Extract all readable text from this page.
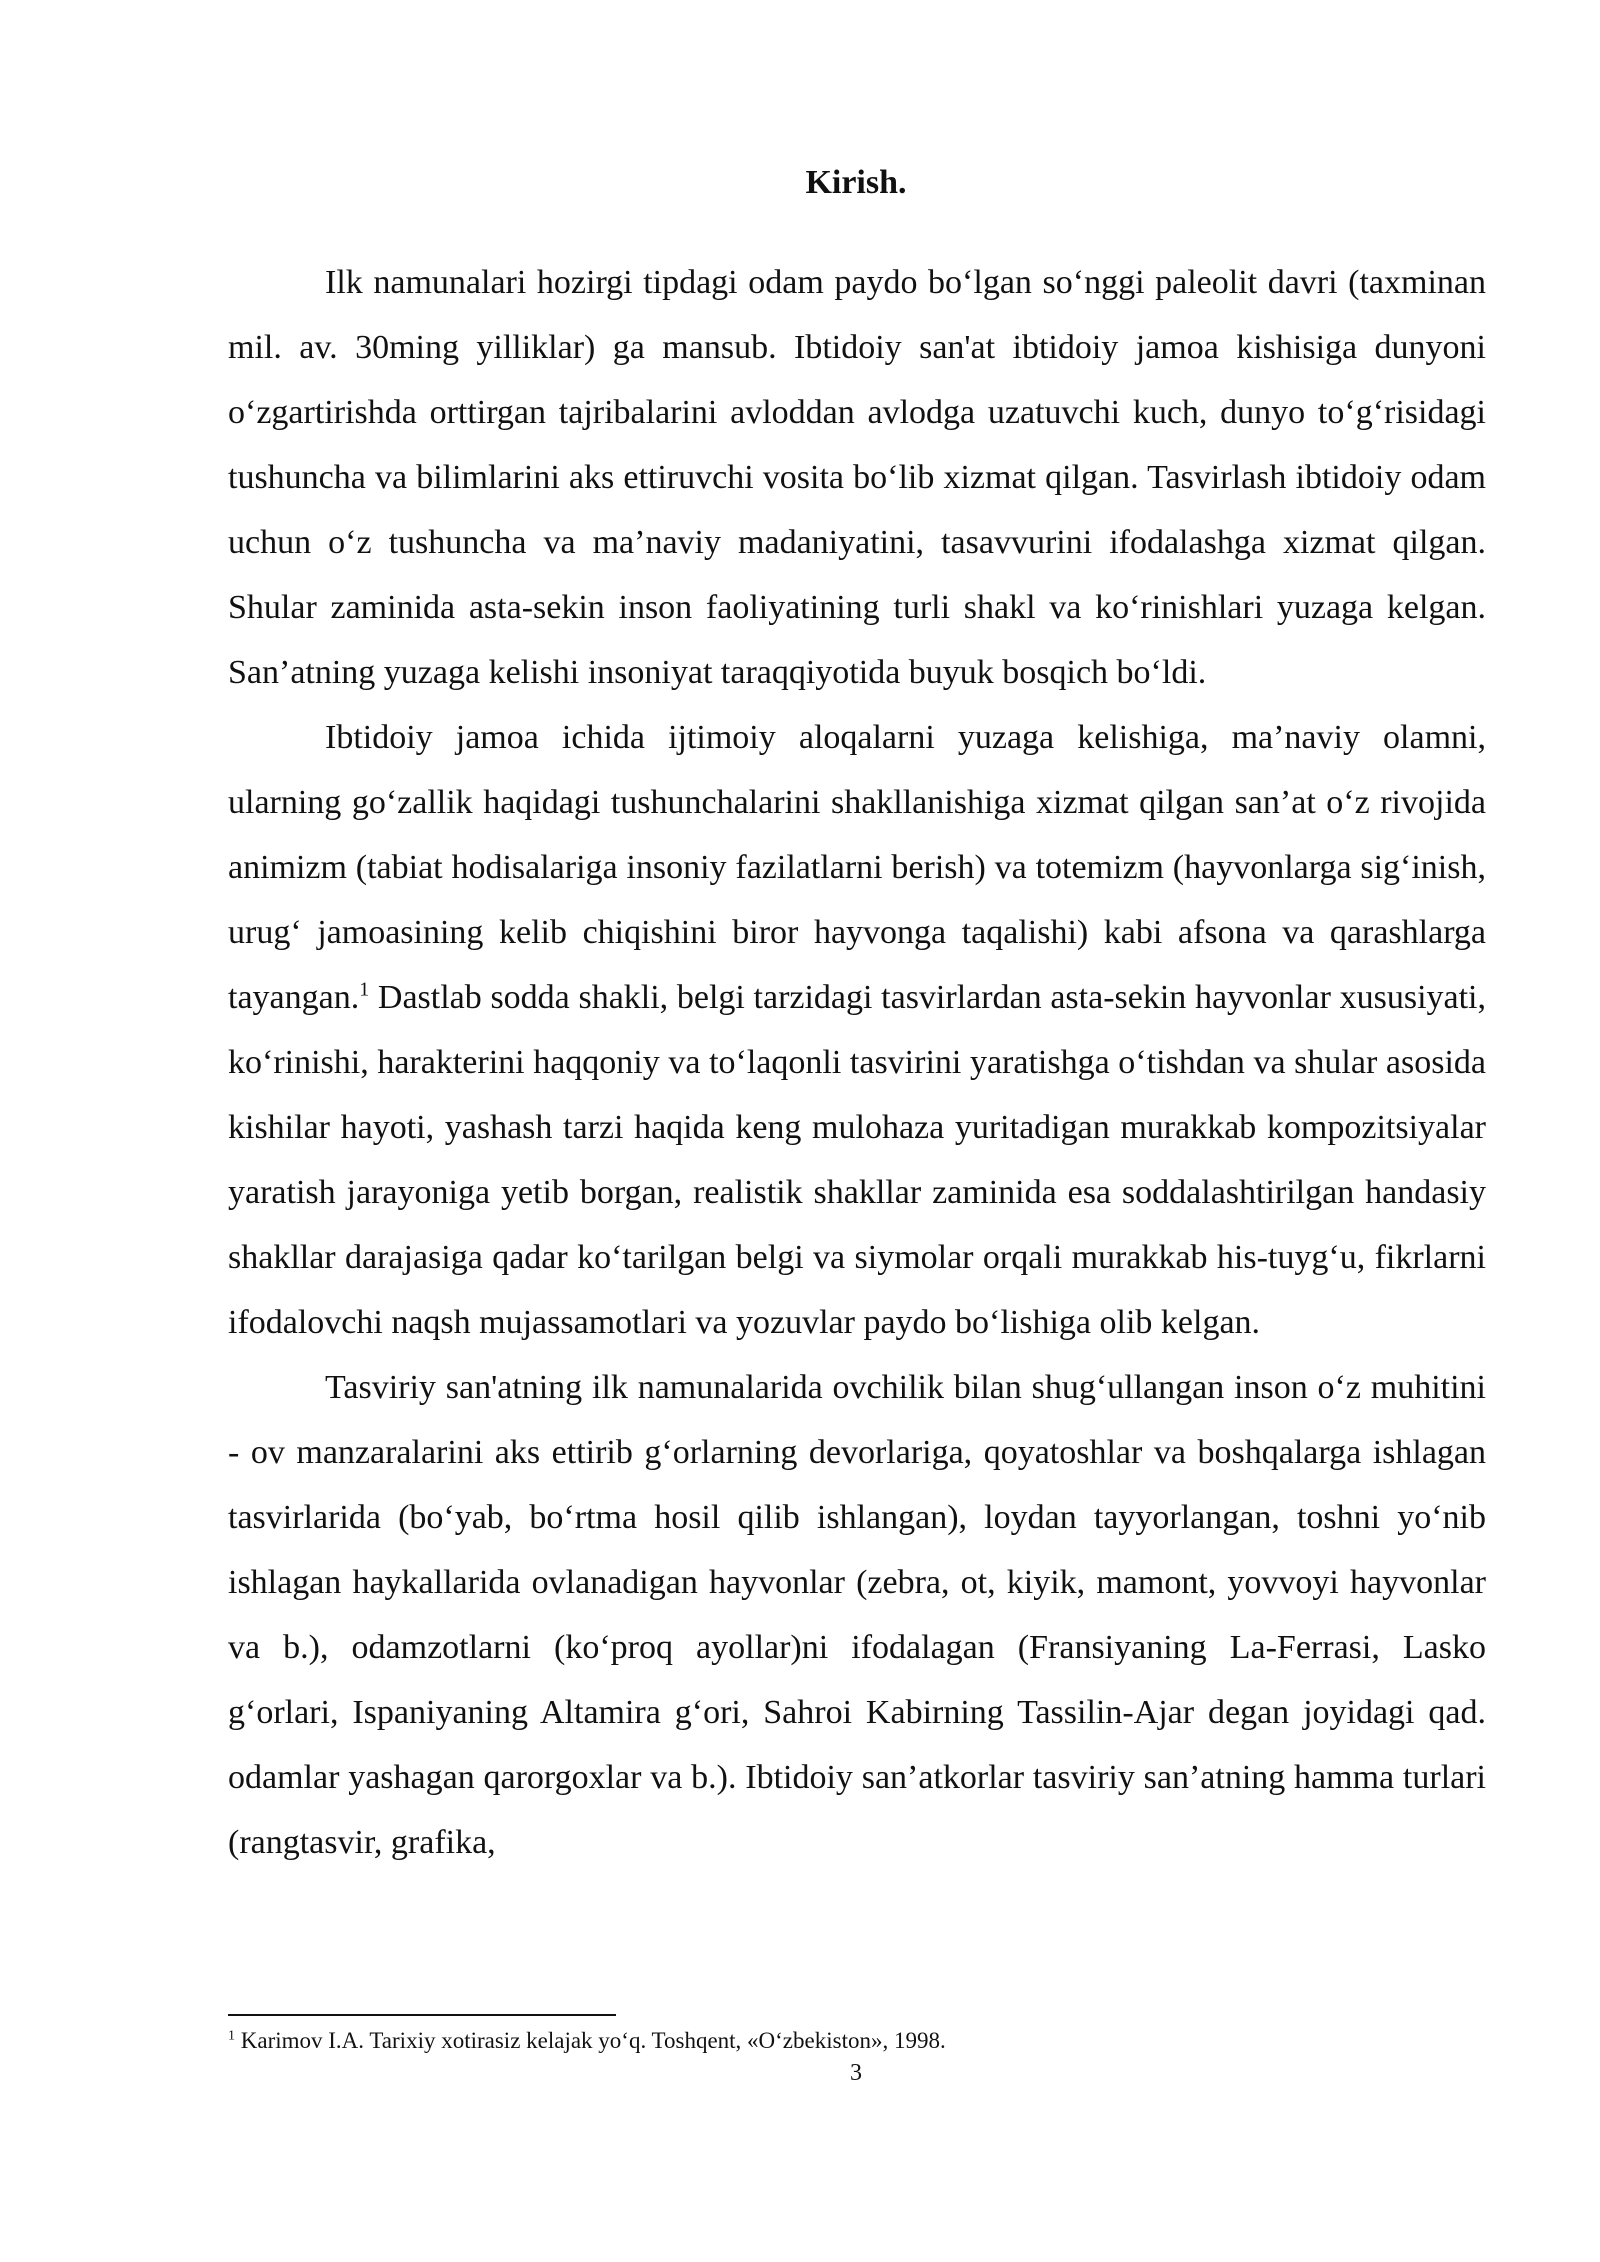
Kirish.

Ilk namunalari hozirgi tipdagi odam paydo bo‘lgan so‘nggi paleolit davri (taxminan mil. av. 30ming yilliklar) ga mansub. Ibtidoiy san'at ibtidoiy jamoa kishisiga dunyoni o‘zgartirishda orttirgan tajribalarini avloddan avlodga uzatuvchi kuch, dunyo to‘g‘risidagi tushuncha va bilimlarini aks ettiruvchi vosita bo‘lib xizmat qilgan. Tasvirlash ibtidoiy odam uchun o‘z tushuncha va ma’naviy madaniyatini, tasavvurini ifodalashga xizmat qilgan. Shular zaminida asta-sekin inson faoliyatining turli shakl va ko‘rinishlari yuzaga kelgan. San’atning yuzaga kelishi insoniyat taraqqiyotida buyuk bosqich bo‘ldi.

Ibtidoiy jamoa ichida ijtimoiy aloqalarni yuzaga kelishiga, ma’naviy olamni, ularning go‘zallik haqidagi tushunchalarini shakllanishiga xizmat qilgan san’at o‘z rivojida animizm (tabiat hodisalariga insoniy fazilatlarni berish) va totemizm (hayvonlarga sig‘inish, urug‘ jamoasining kelib chiqishini biror hayvonga taqalishi) kabi afsona va qarashlarga tayangan.$^1$ Dastlab sodda shakli, belgi tarzidagi tasvirlardan asta-sekin hayvonlar xususiyati, ko‘rinishi, harakterini haqqoniy va to‘laqonli tasvirini yaratishga o‘tishdan va shular asosida kishilar hayoti, yashash tarzi haqida keng mulohaza yuritadigan murakkab kompozitsiyalar yaratish jarayoniga yetib borgan, realistik shakllar zaminida esa soddalashtirilgan handasiy shakllar darajasiga qadar ko‘tarilgan belgi va siymolar orqali murakkab his-tuyg‘u, fikrlarni ifodalovchi naqsh mujassamotlari va yozuvlar paydo bo‘lishiga olib kelgan.

Tasviriy san'atning ilk namunalarida ovchilik bilan shug‘ullangan inson o‘z muhitini - ov manzaralarini aks ettirib g‘orlarning devorlariga, qoyatoshlar va boshqalarga ishlagan tasvirlarida (bo‘yab, bo‘rtma hosil qilib ishlangan), loydan tayyorlangan, toshni yo‘nib ishlagan haykallarida ovlanadigan hayvonlar (zebra, ot, kiyik, mamont, yovvoyi hayvonlar va b.), odamzotlarni (ko‘proq ayollar)ni ifodalagan (Fransiyaning La-Ferrasi, Lasko g‘orlari, Ispaniyaning Altamira g‘ori, Sahroi Kabirning Tassilin-Ajar degan joyidagi qad. odamlar yashagan qarorgoxlar va b.). Ibtidoiy san’atkorlar tasviriy san’atning hamma turlari (rangtasvir, grafika,

$^1$ Karimov I.A. Tarixiy xotirasiz kelajak yo‘q. Toshqent, «O‘zbekiston», 1998.
3
